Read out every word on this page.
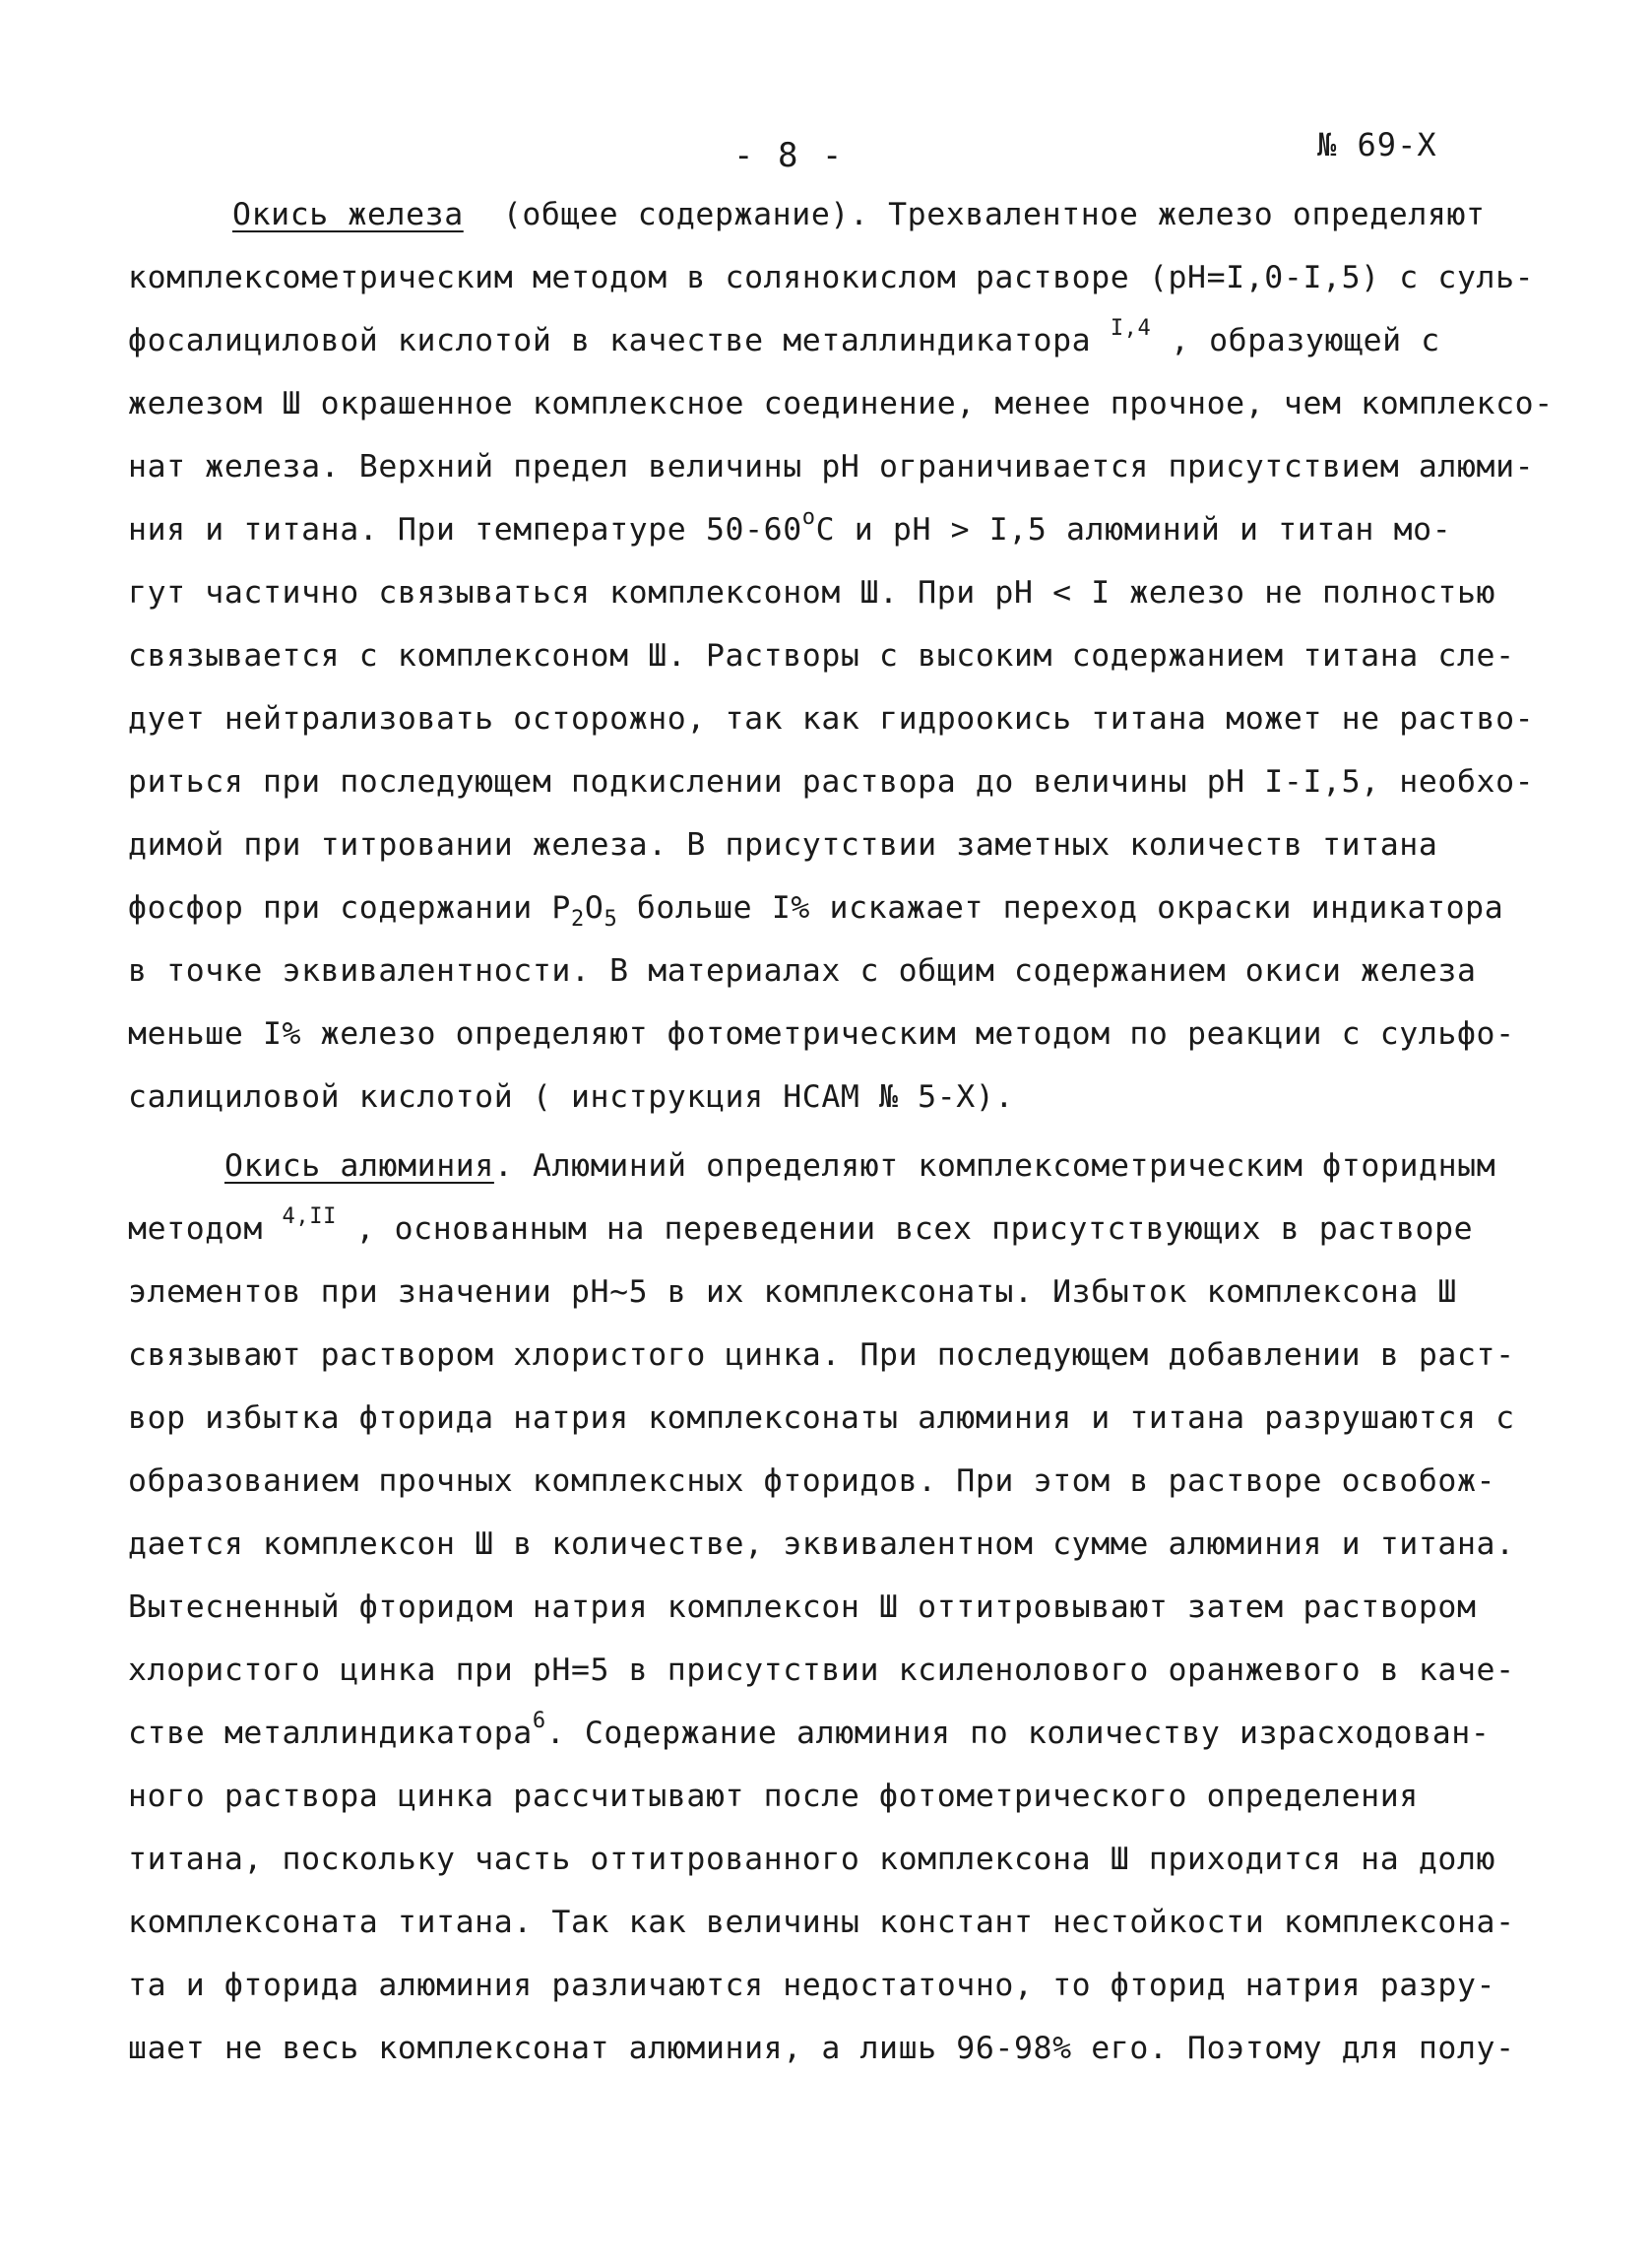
- 8 -	№ 69-Х
Окись железа (общее содержание). Трехвалентное железо определяют
комплексометрическим методом в солянокислом растворе (рН=I,0-I,5) с суль-
фосалициловой кислотой в качестве металлиндикатора $^{I,4}$ , образующей с
железом Ш окрашенное комплексное соединение, менее прочное, чем комплексо-
нат железа. Верхний предел величины рН ограничивается присутствием алюми-
ния и титана. При температуре $50-60^оС$ и рН > I,5 алюминий и титан мо-
гут частично связываться комплексоном Ш. При рН < I железо не полностью
связывается с комплексоном Ш. Растворы с высоким содержанием титана сле-
дует нейтрализовать осторожно, так как гидроокись титана может не раство-
риться при последующем подкислении раствора до величины рН I-I,5, необхо-
димой при титровании железа. В присутствии заметных количеств титана
фосфор при содержании $Р_2О_5$ больше I% искажает переход окраски индикатора
в точке эквивалентности. В материалах с общим содержанием окиси железа
меньше I% железо определяют фотометрическим методом по реакции с сульфо-
салициловой кислотой ( инструкция НСАМ № 5-Х).
Окись алюминия. Алюминий определяют комплексометрическим фторидным
методом $^{4,II}$ , основанным на переведении всех присутствующих в растворе
элементов при значении рН~5 в их комплексонаты. Избыток комплексона Ш
связывают раствором хлористого цинка. При последующем добавлении в раст-
вор избытка фторида натрия комплексонаты алюминия и титана разрушаются с
образованием прочных комплексных фторидов. При этом в растворе освобож-
дается комплексон Ш в количестве, эквивалентном сумме алюминия и титана.
Вытесненный фторидом натрия комплексон Ш оттитровывают затем раствором
хлористого цинка при рН=5 в присутствии ксиленолового оранжевого в каче-
стве металлиндикатора$^6$. Содержание алюминия по количеству израсходован-
ного раствора цинка рассчитывают после фотометрического определения
титана, поскольку часть оттитрованного комплексона Ш приходится на долю
комплексоната титана. Так как величины констант нестойкости комплексона-
та и фторида алюминия различаются недостаточно, то фторид натрия разру-
шает не весь комплексонат алюминия, а лишь 96-98% его. Поэтому для полу-
